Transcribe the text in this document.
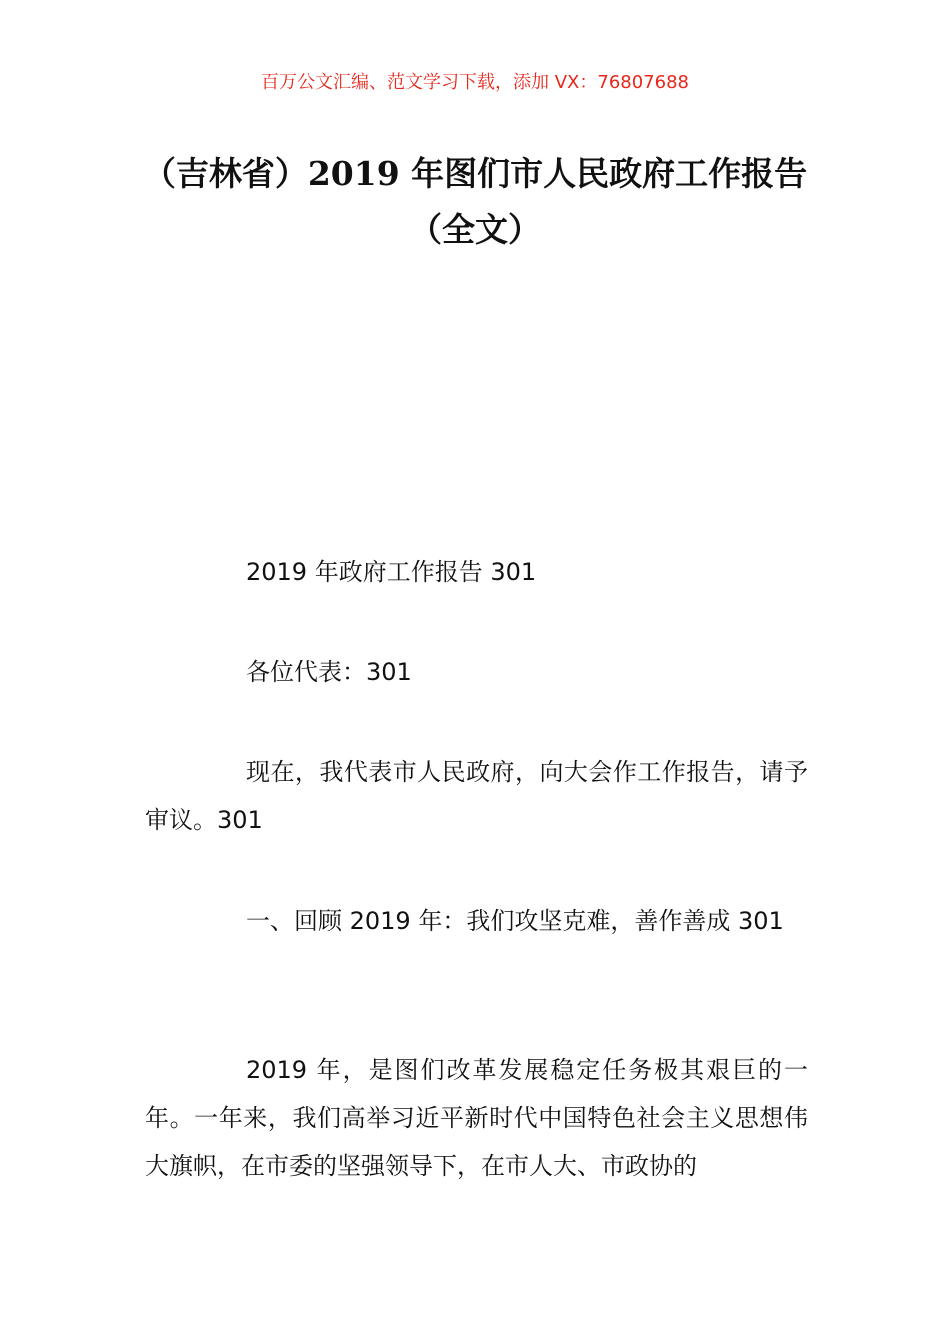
百万公文汇编、范文学习下载，添加 VX：76807688
（吉林省）2019 年图们市人民政府工作报告（全文）
2019 年政府工作报告 301
各位代表：301
现在，我代表市人民政府，向大会作工作报告，请予审议。301
一、回顾 2019 年：我们攻坚克难，善作善成 301
2019 年，是图们改革发展稳定任务极其艰巨的一年。一年来，我们高举习近平新时代中国特色社会主义思想伟大旗帜，在市委的坚强领导下，在市人大、市政协的
